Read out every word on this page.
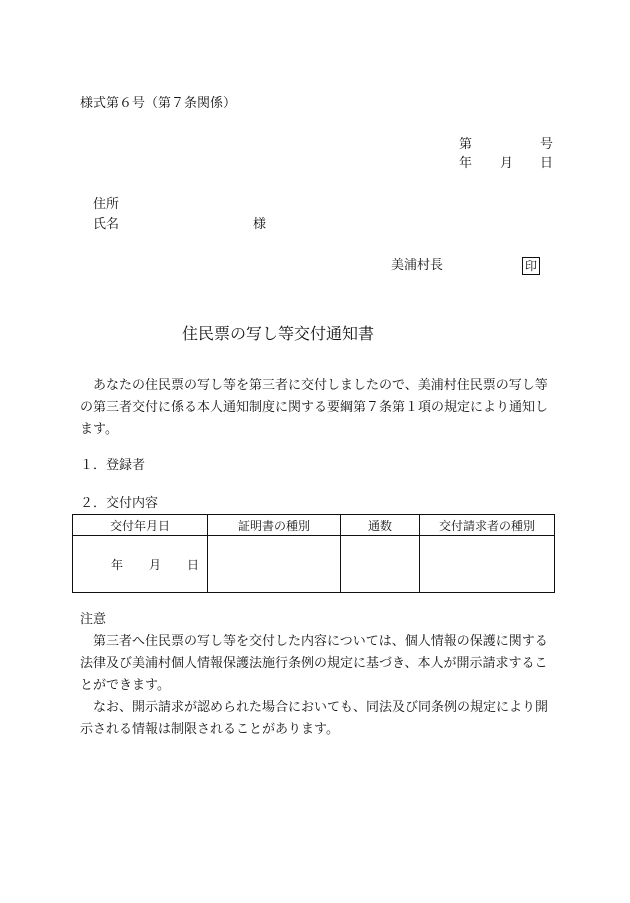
様式第６号（第７条関係）
第	号
年 月 日
住所
氏名	様
美浦村長	印
住民票の写し等交付通知書

あなたの住民票の写し等を第三者に交付しましたので、美浦村住民票の写し等の第三者交付に係る本人通知制度に関する要綱第７条第１項の規定により通知します。

１．登録者
２．交付内容
交付年月日	証明書の種別	通数	交付請求者の種別
年 月 日			
注意

第三者へ住民票の写し等を交付した内容については、個人情報の保護に関する法律及び美浦村個人情報保護法施行条例の規定に基づき、本人が開示請求することができます。

なお、開示請求が認められた場合においても、同法及び同条例の規定により開示される情報は制限されることがあります。
